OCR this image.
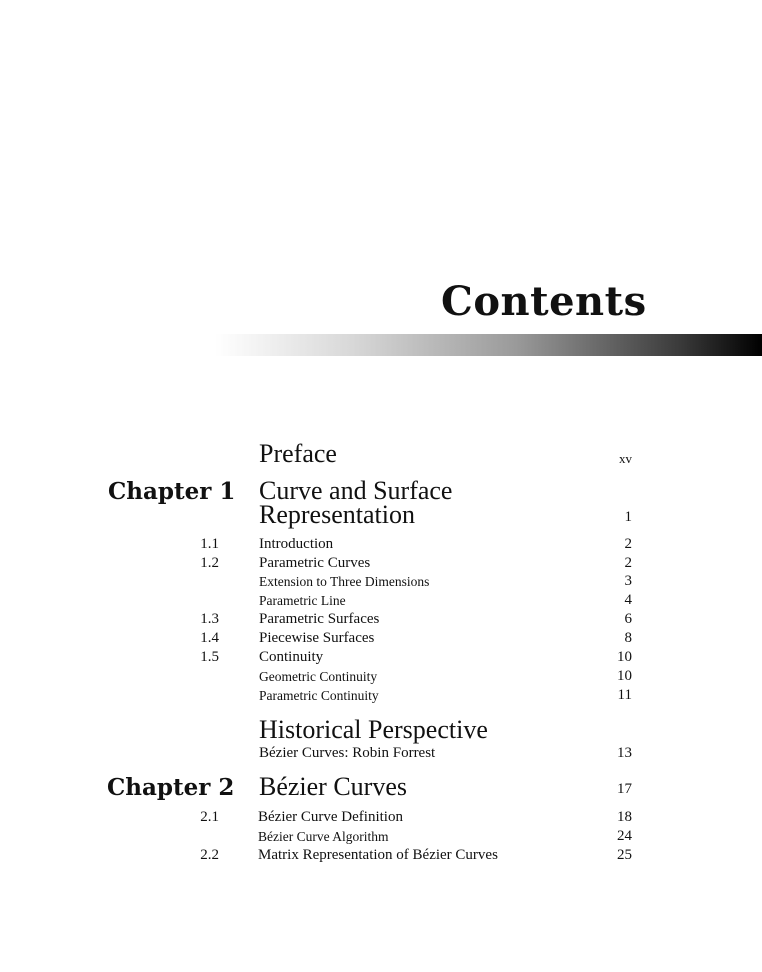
Contents
Preface	xv
Chapter 1 Curve and Surface
Representation	1
1.1	Introduction	2
1.2	Parametric Curves	2
Extension to Three Dimensions	3
Parametric Line	4
1.3	Parametric Surfaces	6
1.4	Piecewise Surfaces	8
1.5	Continuity	10
Geometric Continuity	10
Parametric Continuity	11
Historical Perspective
Bézier Curves: Robin Forrest	13
Chapter 2 Bézier Curves	17
2.1	Bézier Curve Definition	18
Bézier Curve Algorithm	24
2.2	Matrix Representation of Bézier Curves	25
